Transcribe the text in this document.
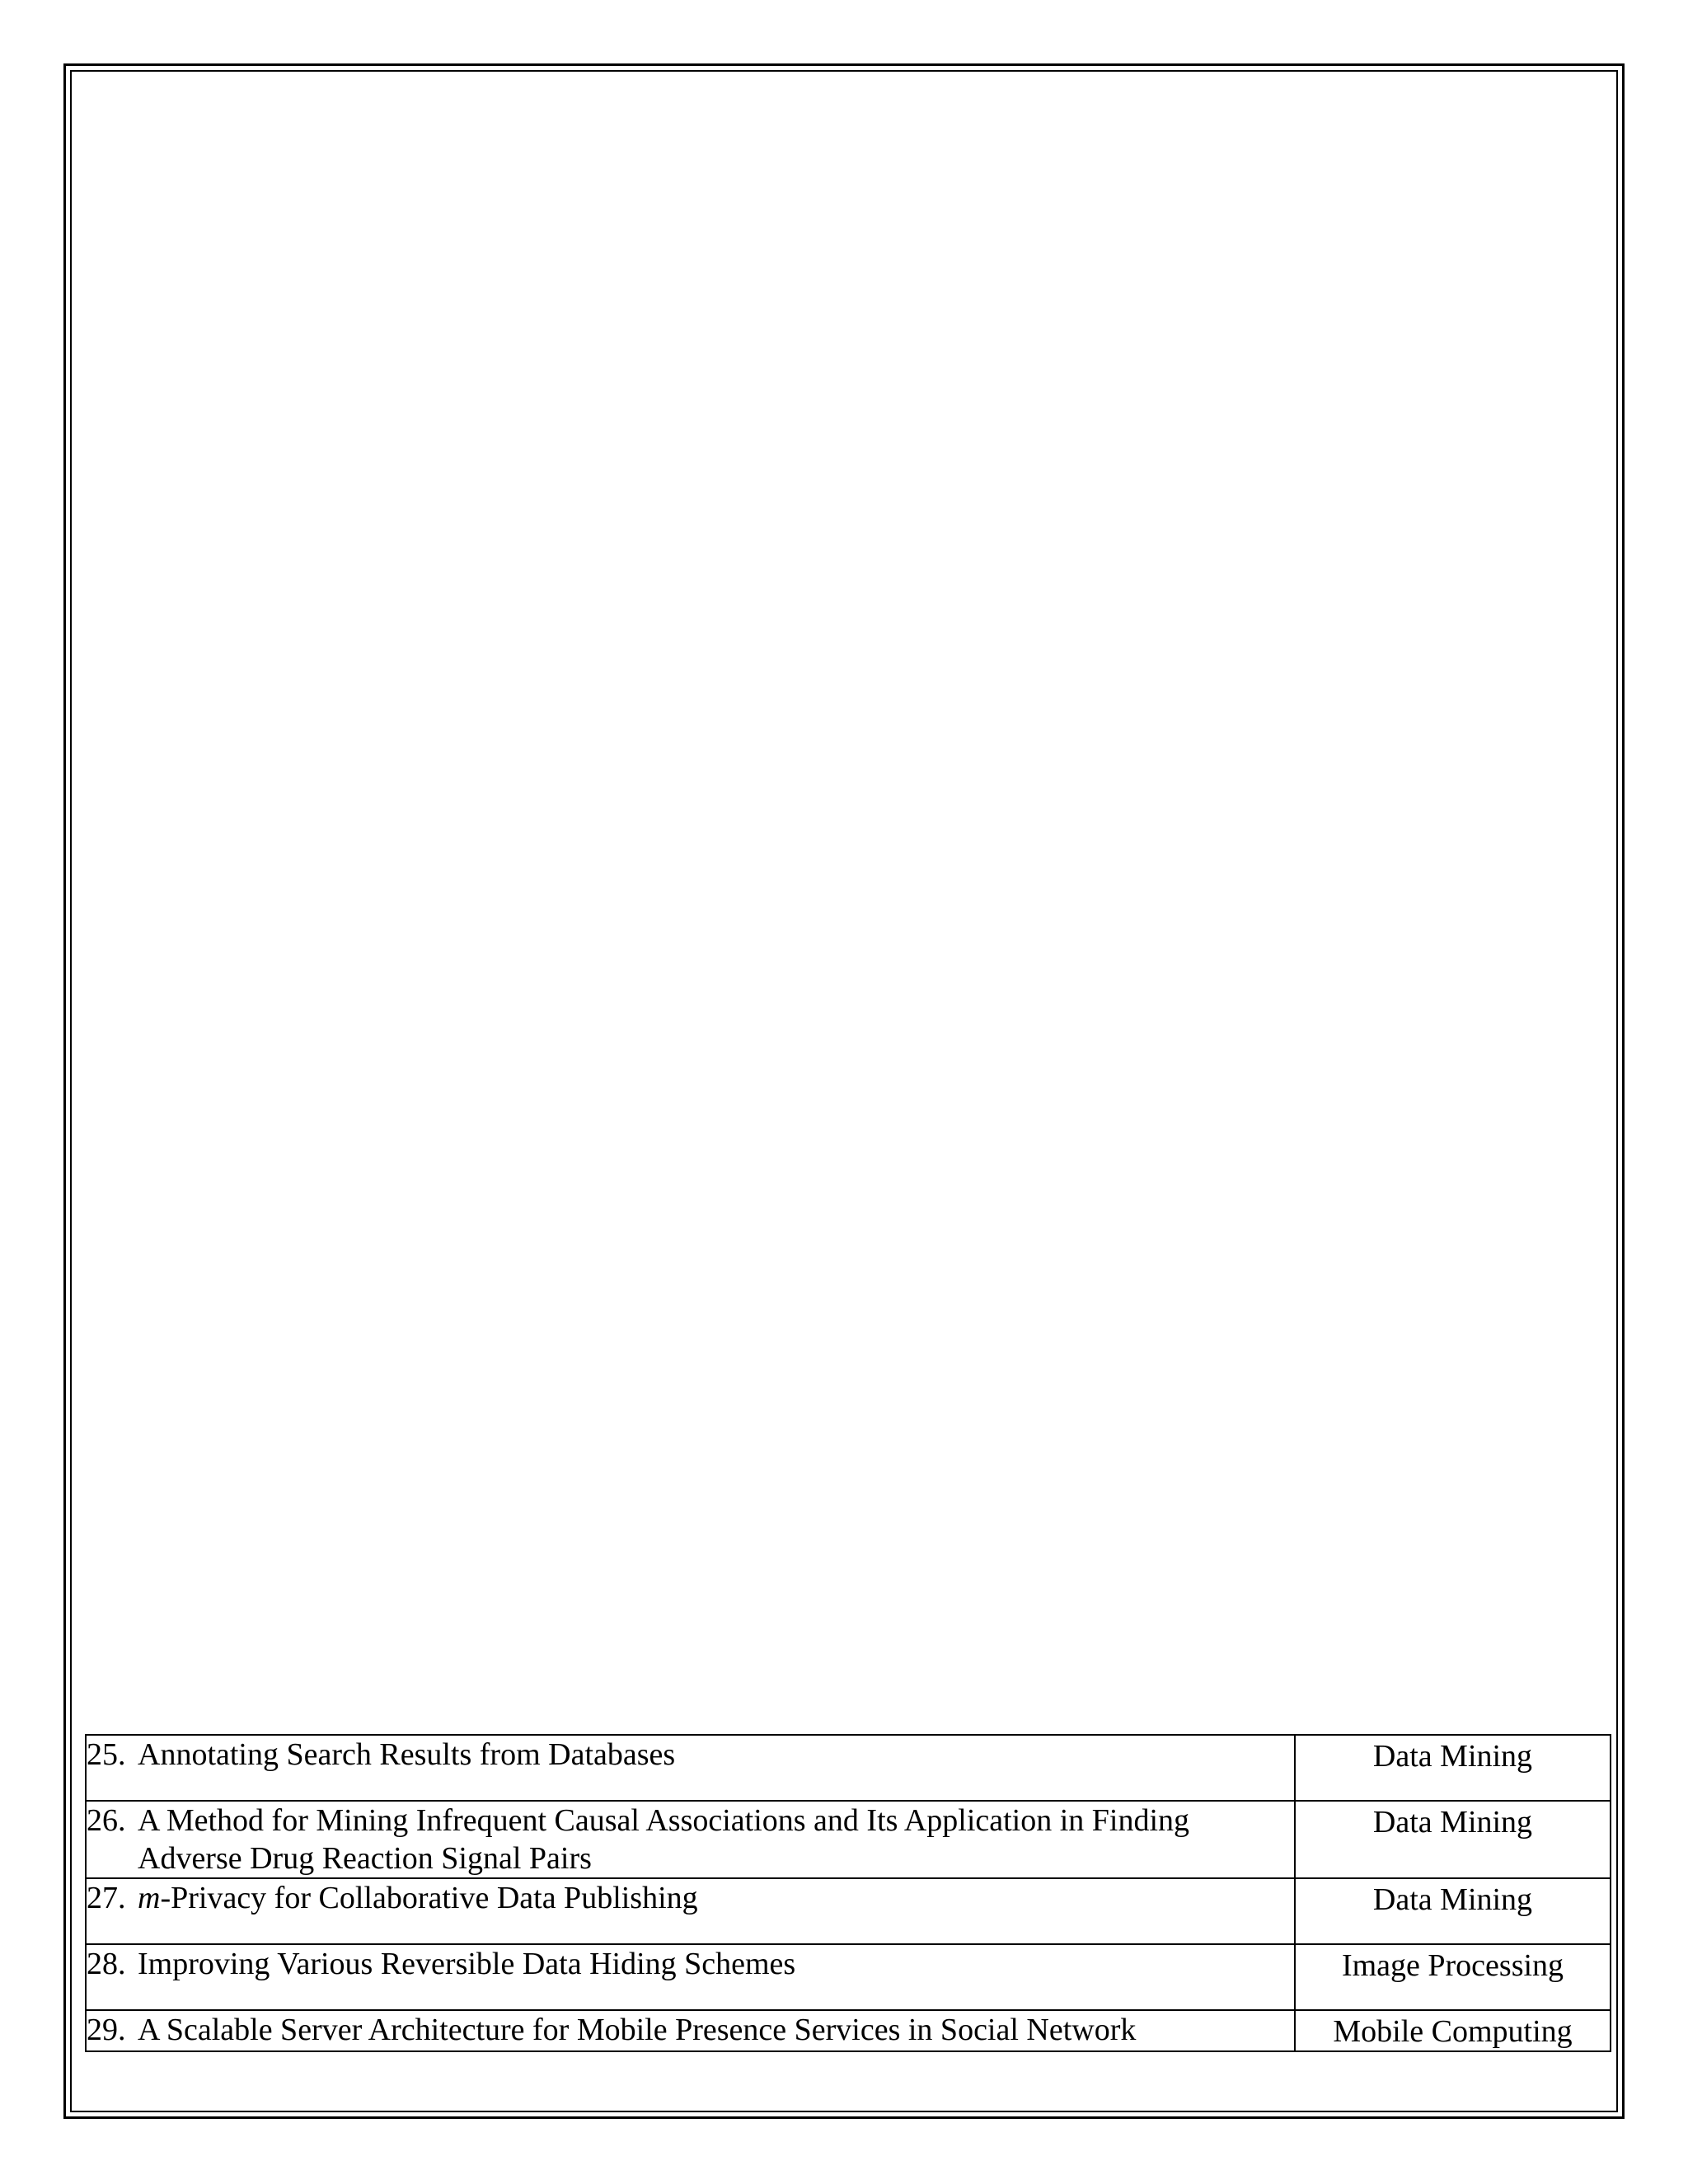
25. Annotating Search Results from Databases	Data Mining

26. A Method for Mining Infrequent Causal Associations and Its Application in Finding Adverse Drug Reaction Signal Pairs	Data Mining

27. m-Privacy for Collaborative Data Publishing	Data Mining

28. Improving Various Reversible Data Hiding Schemes	Image Processing

29. A Scalable Server Architecture for Mobile Presence Services in Social Network	Mobile Computing
